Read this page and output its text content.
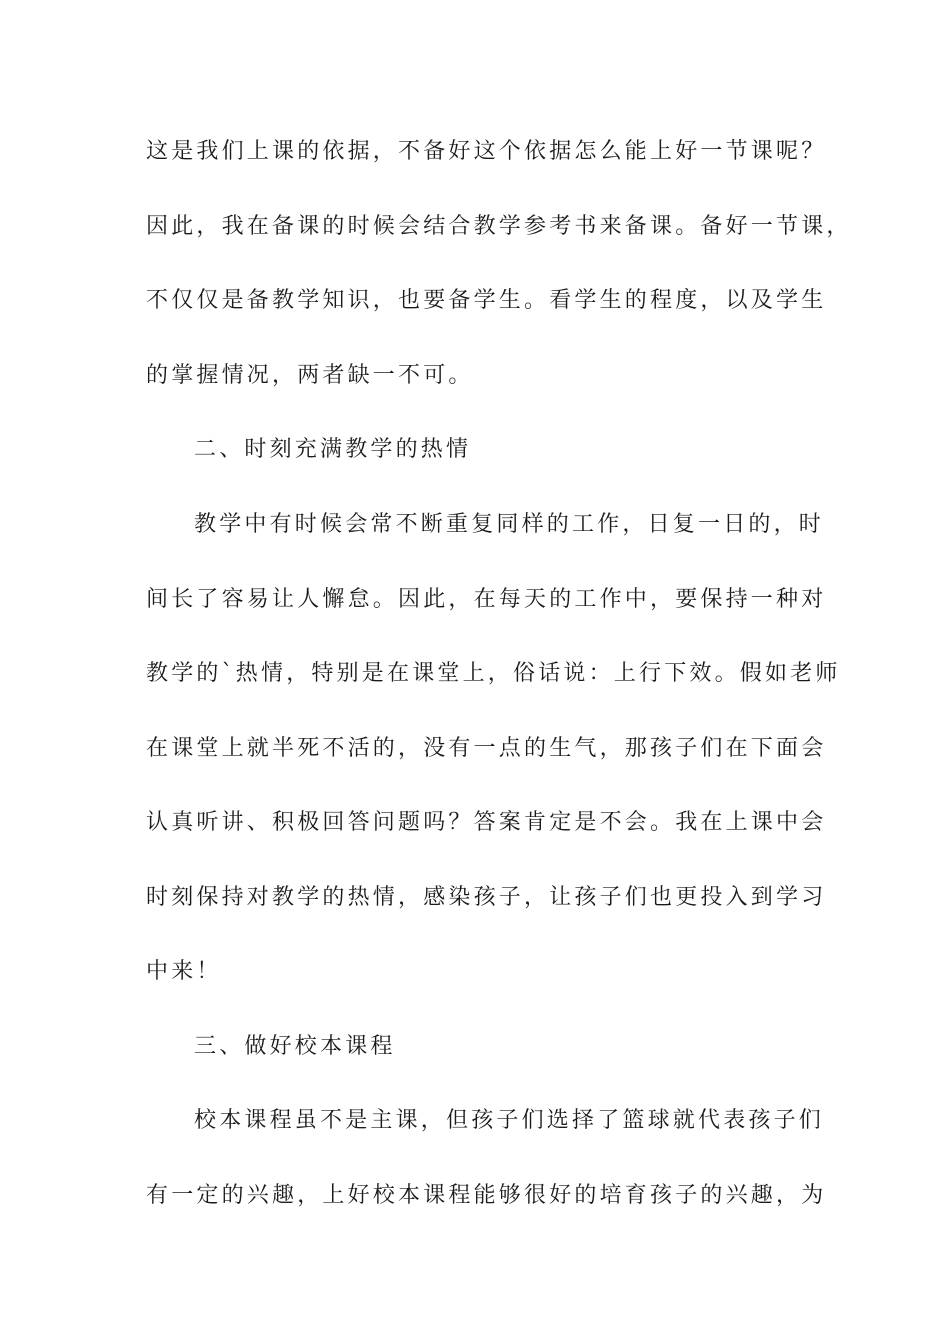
这是我们上课的依据，不备好这个依据怎么能上好一节课呢？
因此，我在备课的时候会结合教学参考书来备课。备好一节课，
不仅仅是备教学知识，也要备学生。看学生的程度，以及学生
的掌握情况，两者缺一不可。
二、时刻充满教学的热情
教学中有时候会常不断重复同样的工作，日复一日的，时
间长了容易让人懈怠。因此，在每天的工作中，要保持一种对
教学的`热情，特别是在课堂上，俗话说：上行下效。假如老师
在课堂上就半死不活的，没有一点的生气，那孩子们在下面会
认真听讲、积极回答问题吗？答案肯定是不会。我在上课中会
时刻保持对教学的热情，感染孩子，让孩子们也更投入到学习
中来！
三、做好校本课程
校本课程虽不是主课，但孩子们选择了篮球就代表孩子们
有一定的兴趣，上好校本课程能够很好的培育孩子的兴趣，为
